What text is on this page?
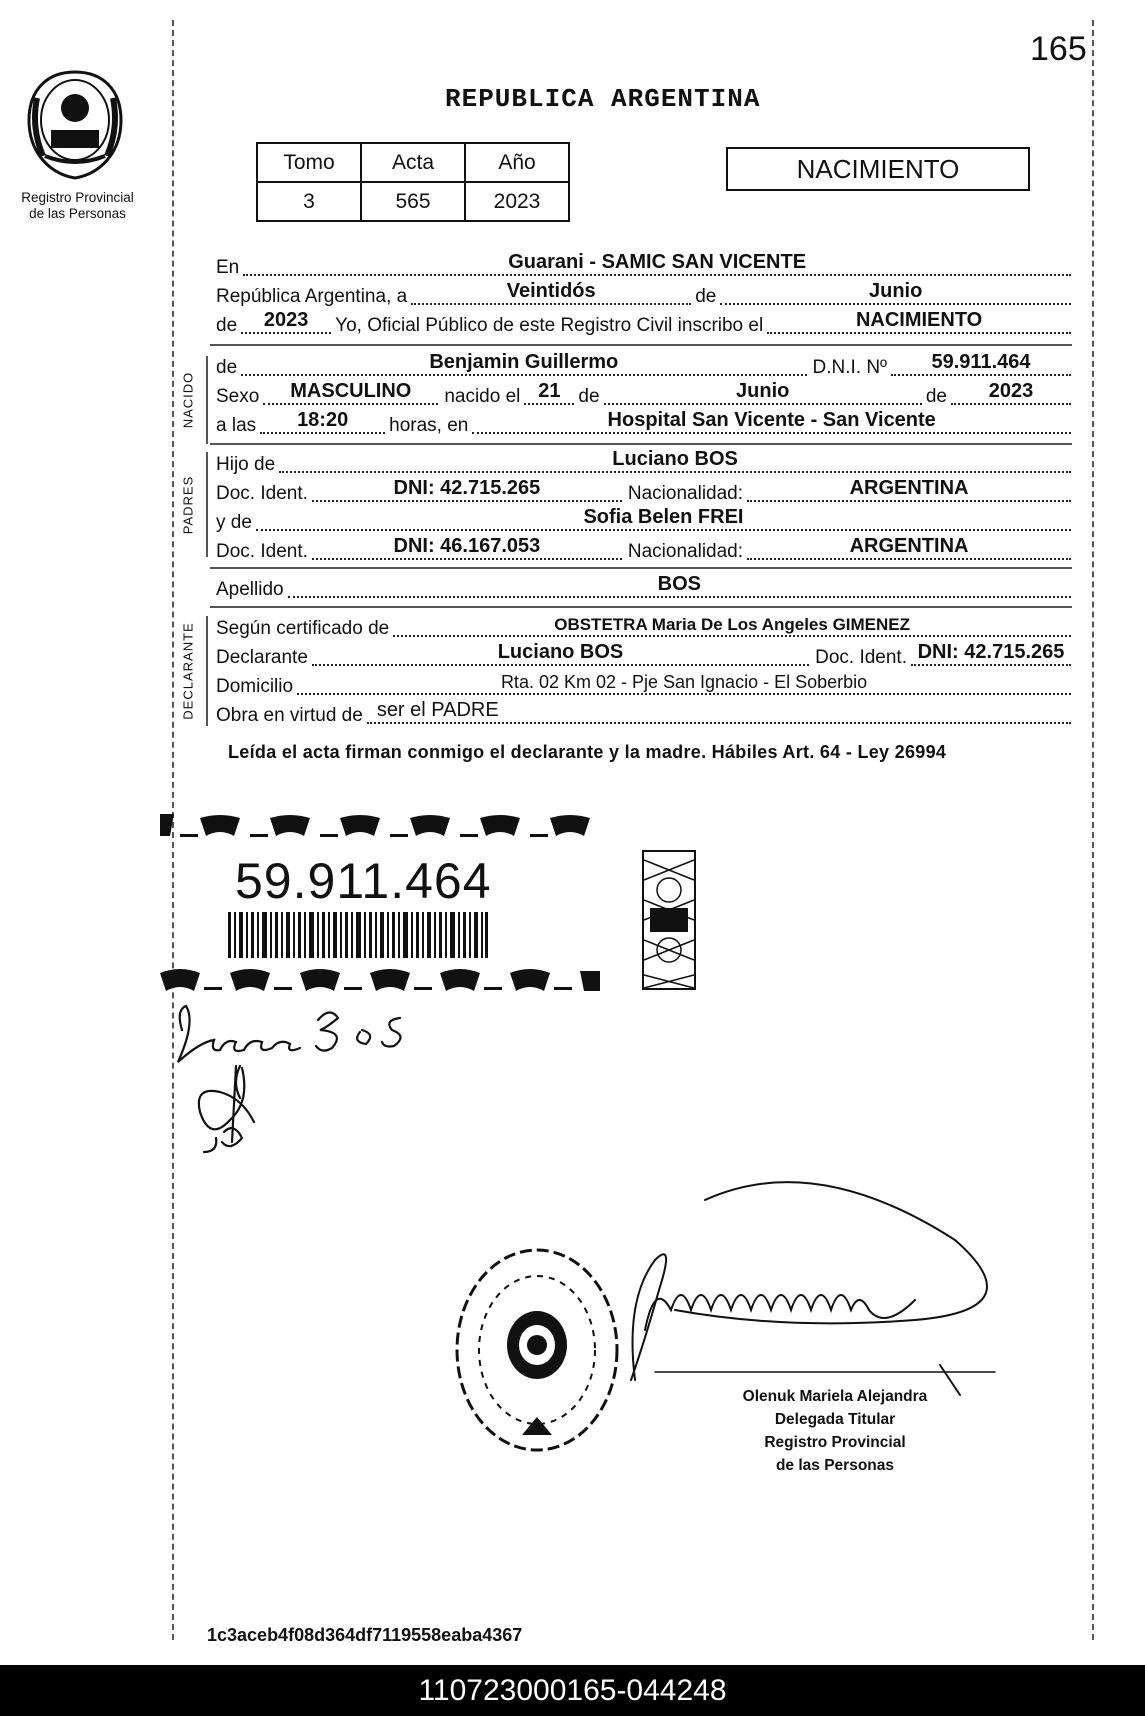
165
Registro Provincial
de las Personas
REPUBLICA ARGENTINA
Tomo	Acta	Año
3	565	2023
NACIMIENTO
En	Guarani - SAMIC SAN VICENTE
República Argentina, a	Veintidós	de	Junio
de	2023	Yo, Oficial Público de este Registro Civil inscribo el	NACIMIENTO
NACIDO
de	Benjamin Guillermo	D.N.I. Nº	59.911.464
Sexo	MASCULINO	nacido el 21 de	Junio	de	2023
a las	18:20	horas, en	Hospital San Vicente - San Vicente
PADRES
Hijo de	Luciano BOS
Doc. Ident.	DNI: 42.715.265	Nacionalidad:	ARGENTINA
y de	Sofia Belen FREI
Doc. Ident.	DNI: 46.167.053	Nacionalidad:	ARGENTINA
Apellido	BOS
DECLARANTE Según certificado de	OBSTETRA Maria De Los Angeles GIMENEZ
Declarante	Luciano BOS	Doc. Ident. DNI: 42.715.265
Domicilio	Rta. 02 Km 02 - Pje San Ignacio - El Soberbio
Obra en virtud de ser el PADRE
Leída el acta firman conmigo el declarante y la madre. Hábiles Art. 64 - Ley 26994
59.911.464
Olenuk Mariela Alejandra
Delegada Titular
Registro Provincial
de las Personas
1c3aceb4f08d364df7119558eaba4367
110723000165-044248
